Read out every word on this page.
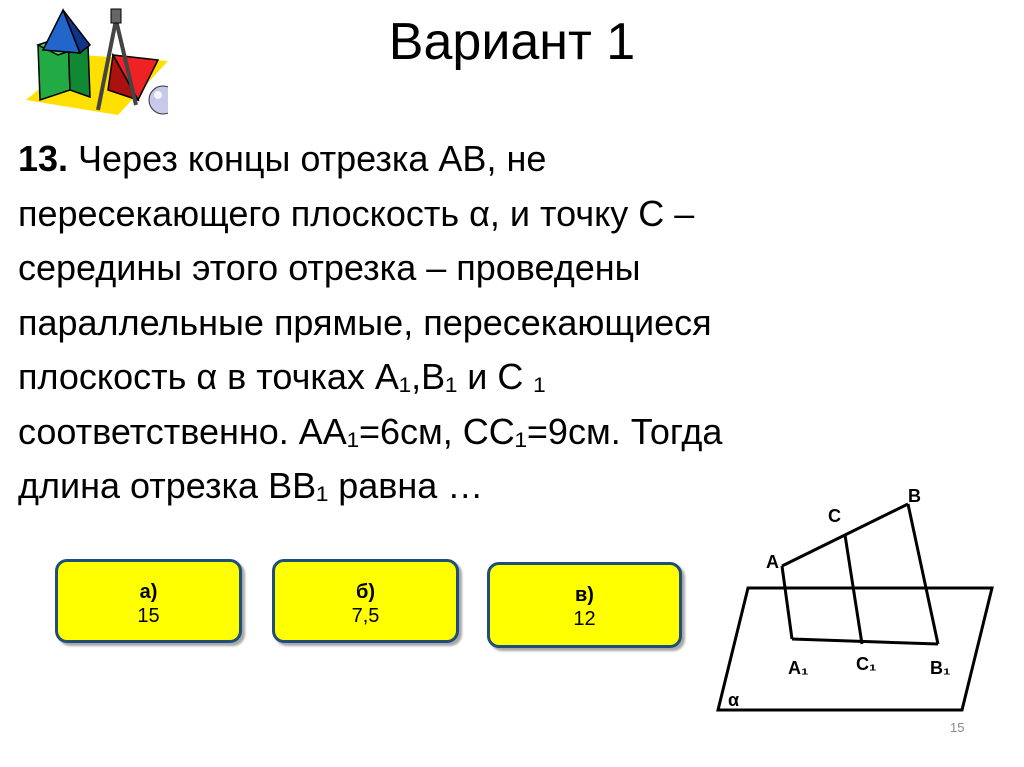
Вариант 1
13. Через концы отрезка АВ, не
пересекающего плоскость α, и точку С –
середины этого отрезка – проведены
параллельные прямые, пересекающиеся
плоскость α в точках А₁,В₁ и С ₁
соответственно. АА₁=6см, СС₁=9см. Тогда
длина отрезка ВВ₁ равна …
а)
15
б)
7,5
в)
12
B
C
A
A₁	C₁	B₁
α
15
